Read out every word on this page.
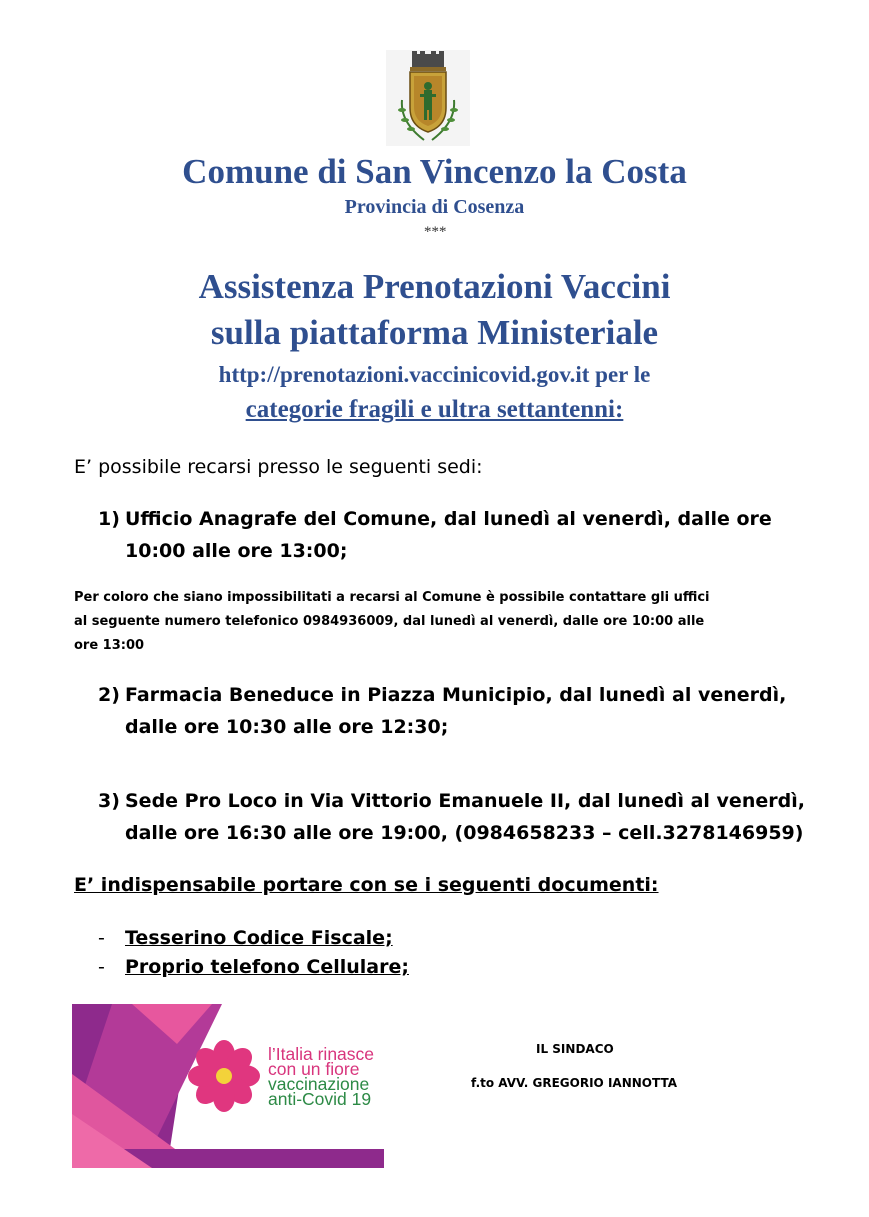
Comune di San Vincenzo la Costa
Provincia di Cosenza
***
Assistenza Prenotazioni Vaccini
sulla piattaforma Ministeriale
http://prenotazioni.vaccinicovid.gov.it per le
categorie fragili e ultra settantenni:
E’ possibile recarsi presso le seguenti sedi:
1) Ufficio Anagrafe del Comune, dal lunedì al venerdì, dalle ore
10:00 alle ore 13:00;
Per coloro che siano impossibilitati a recarsi al Comune è possibile contattare gli uffici
al seguente numero telefonico 0984936009, dal lunedì al venerdì, dalle ore 10:00 alle
ore 13:00
2) Farmacia Beneduce in Piazza Municipio, dal lunedì al venerdì,
dalle ore 10:30 alle ore 12:30;
3) Sede Pro Loco in Via Vittorio Emanuele II, dal lunedì al venerdì,
dalle ore 16:30 alle ore 19:00, (0984658233 – cell.3278146959)
E’ indispensabile portare con se i seguenti documenti:
- Tesserino Codice Fiscale;
- Proprio telefono Cellulare;
l’Italia rinasce
con un fiore
vaccinazione
anti-Covid 19
IL SINDACO
f.to AVV. GREGORIO IANNOTTA
